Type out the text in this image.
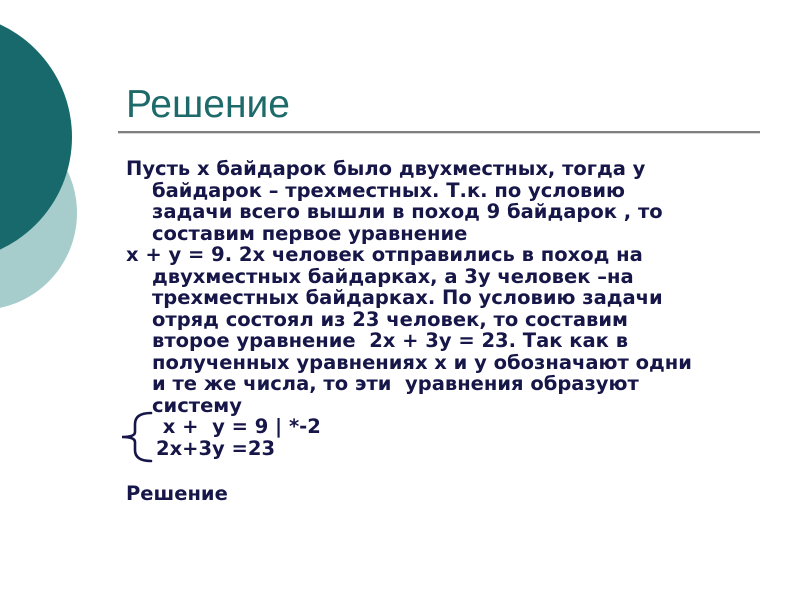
Решение
Пусть х байдарок было двухместных, тогда у
байдарок – трехместных. Т.к. по условию
задачи всего вышли в поход 9 байдарок , то
составим первое уравнение
х + у = 9. 2х человек отправились в поход на
двухместных байдарках, а 3у человек –на
трехместных байдарках. По условию задачи
отряд состоял из 23 человек, то составим
второе уравнение  2х + 3у = 23. Так как в
полученных уравнениях х и у обозначают одни
и те же числа, то эти  уравнения образуют
систему
х +  у = 9 | *-2
2х+3у =23
Решение
